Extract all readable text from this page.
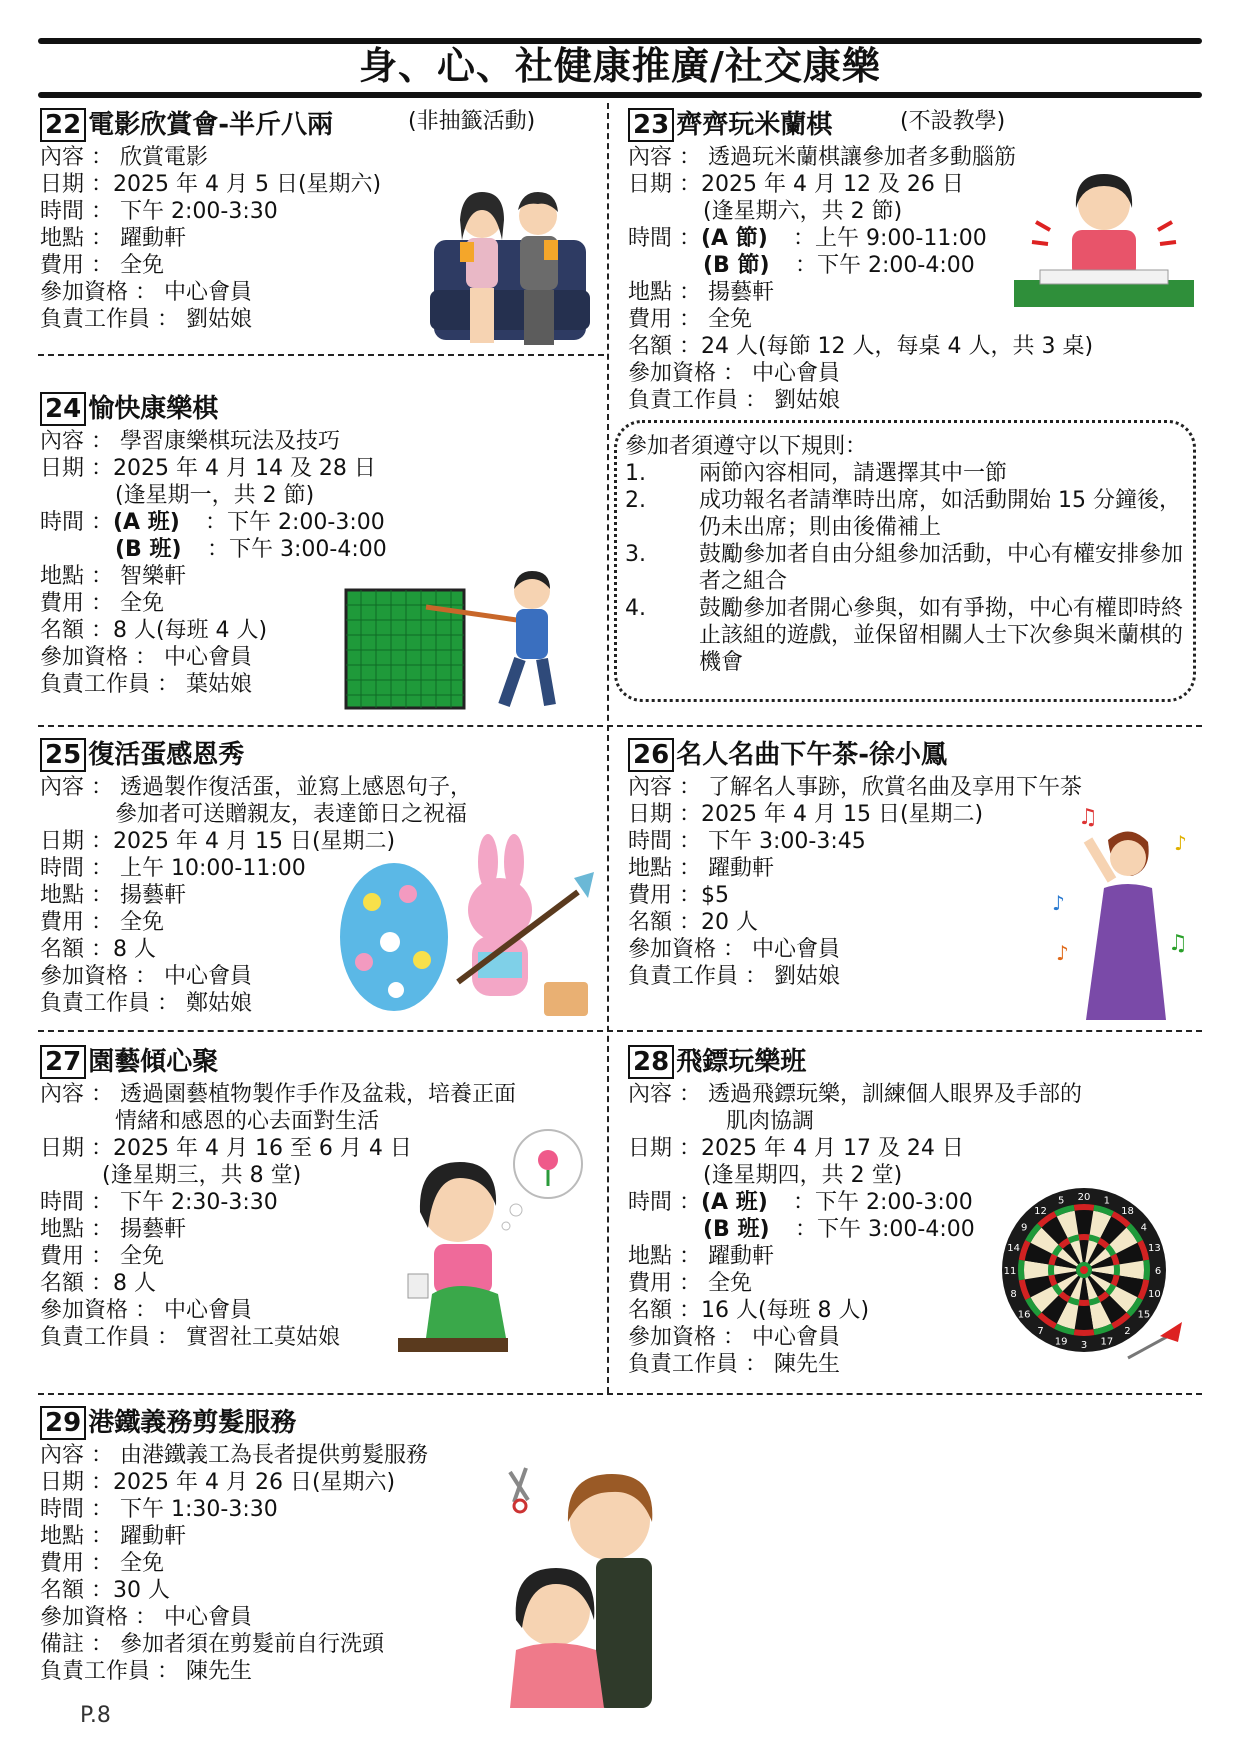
身、心、社健康推廣/社交康樂
22 電影欣賞會-半斤八兩	(非抽籤活動)
內容 ： 欣賞電影
日期 ：2025 年 4 月 5 日(星期六)
時間 ： 下午 2:00-3:30
地點 ： 躍動軒
費用 ： 全免
參加資格 ： 中心會員
負責工作員 ： 劉姑娘
23 齊齊玩米蘭棋	(不設教學)
內容 ： 透過玩米蘭棋讓參加者多動腦筋
日期 ：2025 年 4 月 12 及 26 日
(逢星期六，共 2 節)
時間 ： (A 節)	：上午 9:00-11:00
(B 節)	：下午 2:00-4:00
地點 ： 揚藝軒
費用 ： 全免
名額 ：24 人(每節 12 人，每桌 4 人，共 3 桌)
參加資格 ： 中心會員
負責工作員 ： 劉姑娘
24 愉快康樂棋
內容 ： 學習康樂棋玩法及技巧
日期 ：2025 年 4 月 14 及 28 日
(逢星期一，共 2 節)
時間 ： (A 班)	：下午 2:00-3:00
(B 班)	：下午 3:00-4:00
地點 ： 智樂軒
費用 ： 全免
名額 ：8 人(每班 4 人)
參加資格 ： 中心會員
負責工作員 ： 葉姑娘
參加者須遵守以下規則：
1.	兩節內容相同，請選擇其中一節
2.	成功報名者請準時出席，如活動開始 15 分鐘後，仍未出席；則由後備補上
3.	鼓勵參加者自由分組參加活動，中心有權安排參加者之組合
4.	鼓勵參加者開心參與，如有爭拗，中心有權即時終止該組的遊戲，並保留相關人士下次參與米蘭棋的機會
25 復活蛋感恩秀
內容 ： 透過製作復活蛋，並寫上感恩句子，
參加者可送贈親友，表達節日之祝福
日期 ：2025 年 4 月 15 日(星期二)
時間 ： 上午 10:00-11:00
地點 ： 揚藝軒
費用 ： 全免
名額 ：8 人
參加資格 ： 中心會員
負責工作員 ： 鄭姑娘
26 名人名曲下午茶-徐小鳳
內容 ： 了解名人事跡，欣賞名曲及享用下午茶
日期 ：2025 年 4 月 15 日(星期二)
時間 ： 下午 3:00-3:45
地點 ： 躍動軒
費用 ：$5
名額 ：20 人
參加資格 ： 中心會員
負責工作員 ： 劉姑娘
♫
♪
♪
♪	♫
27 園藝傾心聚
內容 ： 透過園藝植物製作手作及盆栽，培養正面
情緒和感恩的心去面對生活
日期 ：2025 年 4 月 16 至 6 月 4 日
(逢星期三，共 8 堂)
時間 ： 下午 2:30-3:30
地點 ： 揚藝軒
費用 ： 全免
名額 ：8 人
參加資格 ： 中心會員
負責工作員 ： 實習社工莫姑娘
28 飛鏢玩樂班
內容 ： 透過飛鏢玩樂，訓練個人眼界及手部的
肌肉協調
日期 ：2025 年 4 月 17 及 24 日
(逢星期四，共 2 堂)
時間 ： (A 班)	：下午 2:00-3:00
(B 班)	：下午 3:00-4:00
地點 ： 躍動軒
費用 ： 全免
名額 ：16 人(每班 8 人)
參加資格 ： 中心會員
負責工作員 ： 陳先生
20 1
18
4
13
6
10
15
2
17
3
19
7
16
8
11
14
9
12
5
29 港鐵義務剪髮服務
內容 ： 由港鐵義工為長者提供剪髮服務
日期 ：2025 年 4 月 26 日(星期六)
時間 ： 下午 1:30-3:30
地點 ： 躍動軒
費用 ： 全免
名額 ：30 人
參加資格 ： 中心會員
備註 ： 參加者須在剪髮前自行洗頭
負責工作員 ： 陳先生
P.8
